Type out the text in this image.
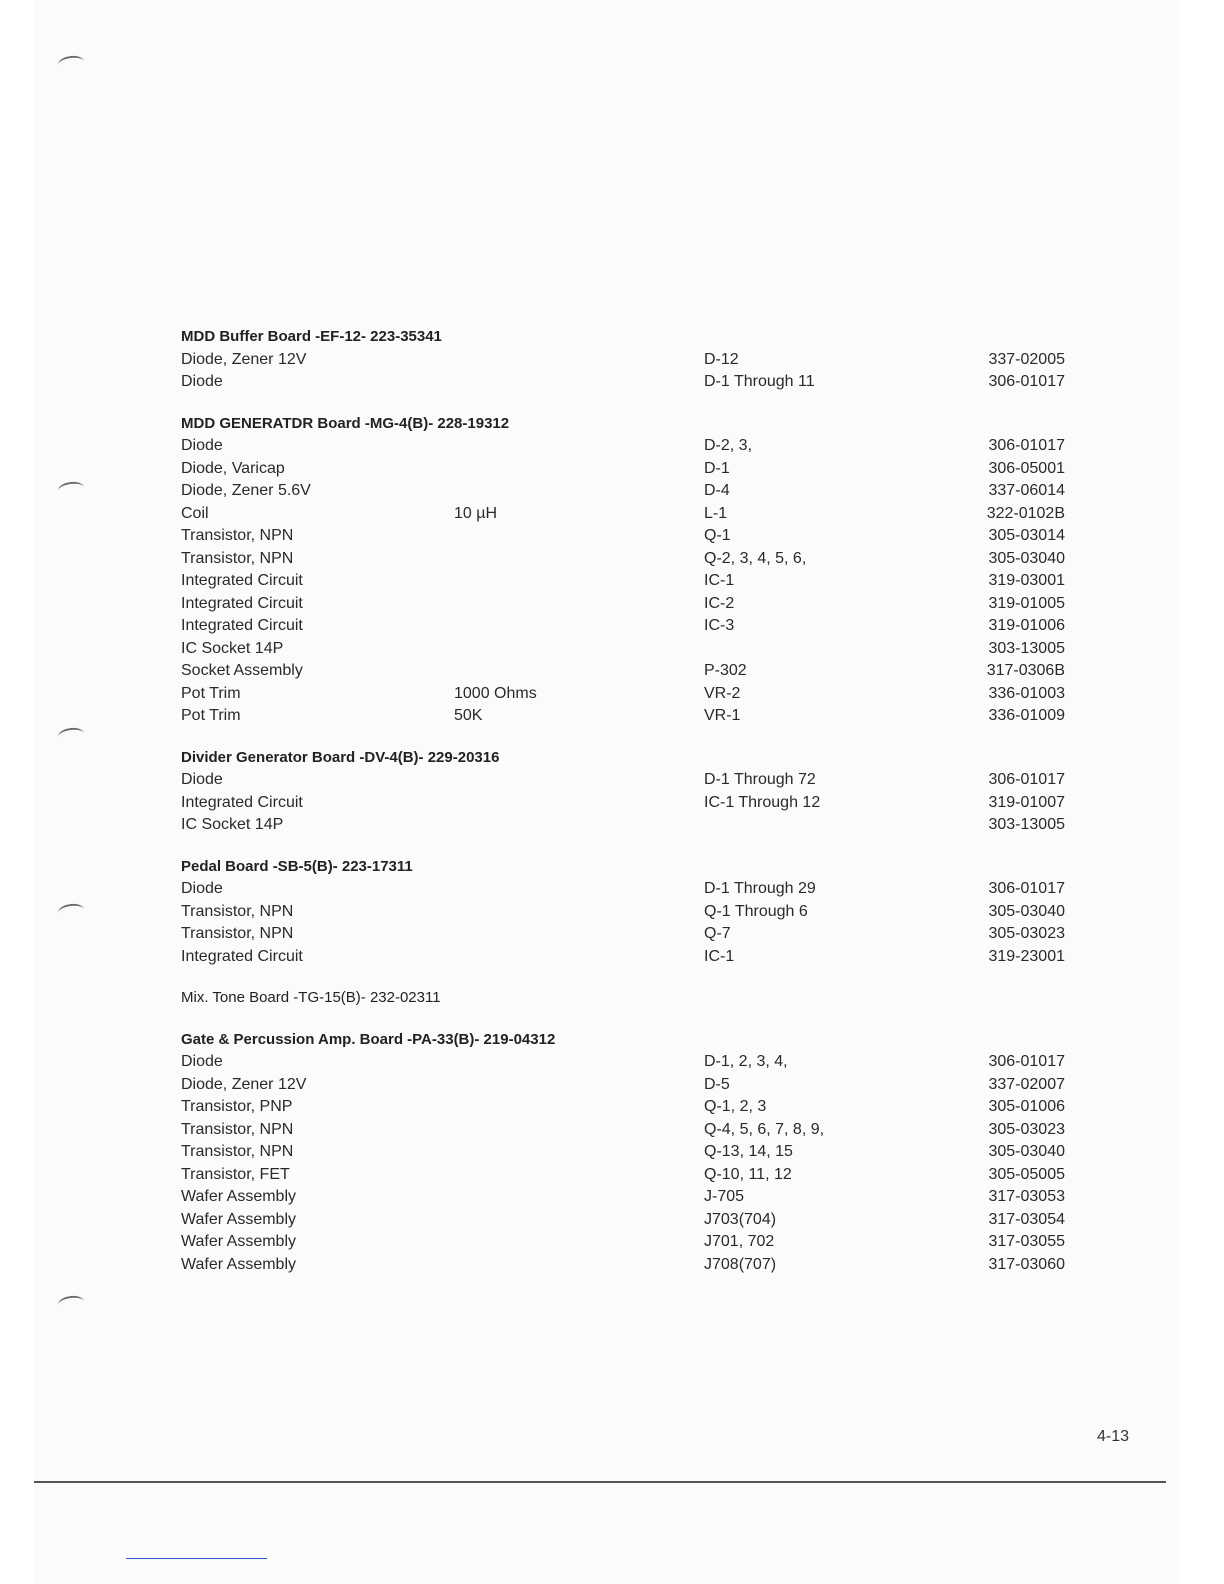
MDD Buffer Board -EF-12- 223-35341
Diode, Zener 12V	D-12	337-02005
Diode	D-1 Through 11	306-01017
MDD GENERATDR Board -MG-4(B)- 228-19312
Diode	D-2, 3,	306-01017
Diode, Varicap	D-1	306-05001
Diode, Zener 5.6V	D-4	337-06014
Coil	10 µH	L-1	322-0102B
Transistor, NPN	Q-1	305-03014
Transistor, NPN	Q-2, 3, 4, 5, 6,	305-03040
Integrated Circuit	IC-1	319-03001
Integrated Circuit	IC-2	319-01005
Integrated Circuit	IC-3	319-01006
IC Socket 14P	303-13005
Socket Assembly	P-302	317-0306B
Pot Trim	1000 Ohms	VR-2	336-01003
Pot Trim	50K	VR-1	336-01009
Divider Generator Board -DV-4(B)- 229-20316
Diode	D-1 Through 72	306-01017
Integrated Circuit	IC-1 Through 12	319-01007
IC Socket 14P	303-13005
Pedal Board -SB-5(B)- 223-17311
Diode	D-1 Through 29	306-01017
Transistor, NPN	Q-1 Through 6	305-03040
Transistor, NPN	Q-7	305-03023
Integrated Circuit	IC-1	319-23001
Mix. Tone Board -TG-15(B)- 232-02311
Gate & Percussion Amp. Board -PA-33(B)- 219-04312
Diode	D-1, 2, 3, 4,	306-01017
Diode, Zener 12V	D-5	337-02007
Transistor, PNP	Q-1, 2, 3	305-01006
Transistor, NPN	Q-4, 5, 6, 7, 8, 9,	305-03023
Transistor, NPN	Q-13, 14, 15	305-03040
Transistor, FET	Q-10, 11, 12	305-05005
Wafer Assembly	J-705	317-03053
Wafer Assembly	J703(704)	317-03054
Wafer Assembly	J701, 702	317-03055
Wafer Assembly	J708(707)	317-03060
4-13
